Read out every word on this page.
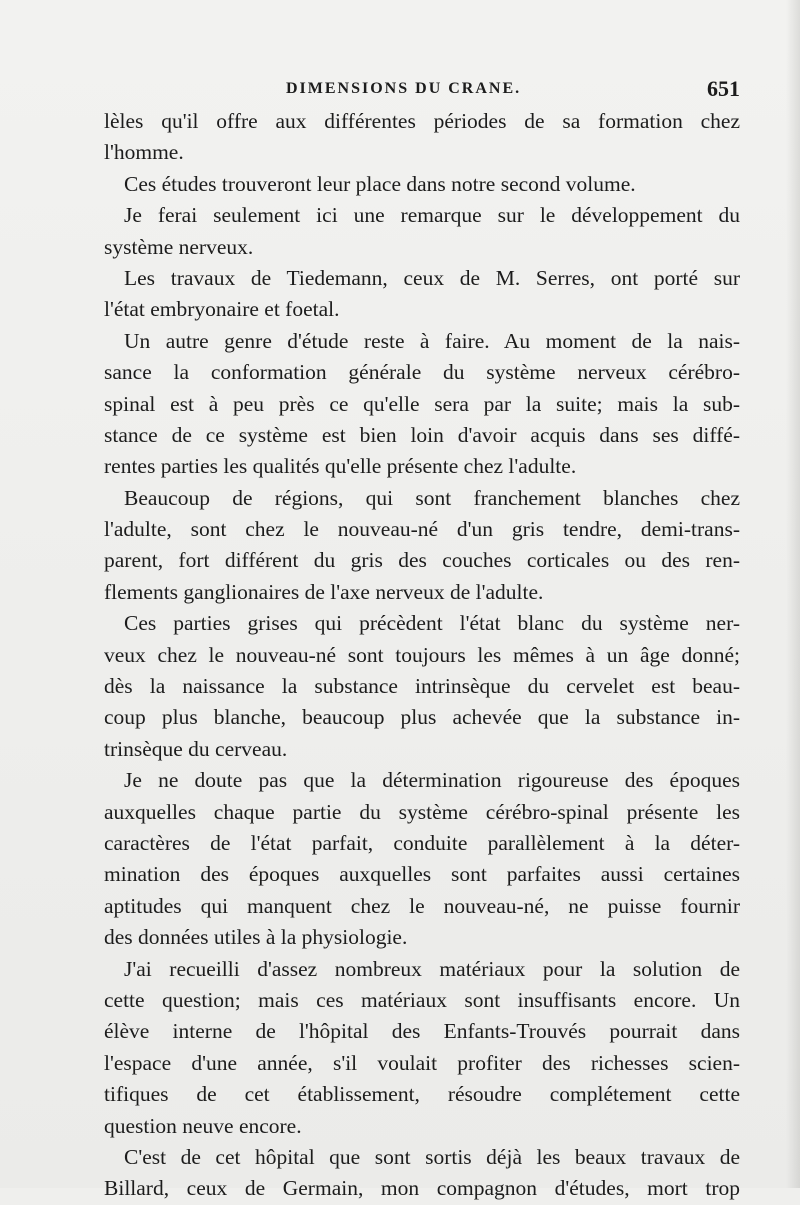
DIMENSIONS DU CRANE.	651
lèles qu'il offre aux différentes périodes de sa formation chez
l'homme.
Ces études trouveront leur place dans notre second volume.
Je ferai seulement ici une remarque sur le développement du
système nerveux.
Les travaux de Tiedemann, ceux de M. Serres, ont porté sur
l'état embryonaire et foetal.
Un autre genre d'étude reste à faire. Au moment de la nais-
sance la conformation générale du système nerveux cérébro-
spinal est à peu près ce qu'elle sera par la suite; mais la sub-
stance de ce système est bien loin d'avoir acquis dans ses diffé-
rentes parties les qualités qu'elle présente chez l'adulte.
Beaucoup de régions, qui sont franchement blanches chez
l'adulte, sont chez le nouveau-né d'un gris tendre, demi-trans-
parent, fort différent du gris des couches corticales ou des ren-
flements ganglionaires de l'axe nerveux de l'adulte.
Ces parties grises qui précèdent l'état blanc du système ner-
veux chez le nouveau-né sont toujours les mêmes à un âge donné;
dès la naissance la substance intrinsèque du cervelet est beau-
coup plus blanche, beaucoup plus achevée que la substance in-
trinsèque du cerveau.
Je ne doute pas que la détermination rigoureuse des époques
auxquelles chaque partie du système cérébro-spinal présente les
caractères de l'état parfait, conduite parallèlement à la déter-
mination des époques auxquelles sont parfaites aussi certaines
aptitudes qui manquent chez le nouveau-né, ne puisse fournir
des données utiles à la physiologie.
J'ai recueilli d'assez nombreux matériaux pour la solution de
cette question; mais ces matériaux sont insuffisants encore. Un
élève interne de l'hôpital des Enfants-Trouvés pourrait dans
l'espace d'une année, s'il voulait profiter des richesses scien-
tifiques de cet établissement, résoudre complétement cette
question neuve encore.
C'est de cet hôpital que sont sortis déjà les beaux travaux de
Billard, ceux de Germain, mon compagnon d'études, mort trop
